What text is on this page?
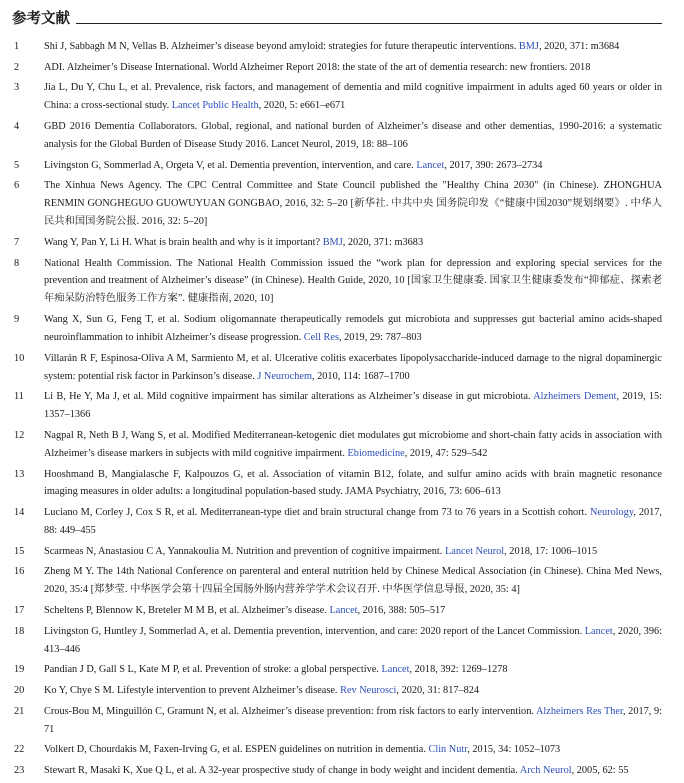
参考文献
1	Shi J, Sabbagh M N, Vellas B. Alzheimer’s disease beyond amyloid: strategies for future therapeutic interventions. BMJ, 2020, 371: m3684
2	ADI. Alzheimer’s Disease International. World Alzheimer Report 2018: the state of the art of dementia research: new frontiers. 2018
3	Jia L, Du Y, Chu L, et al. Prevalence, risk factors, and management of dementia and mild cognitive impairment in adults aged 60 years or older in China: a cross-sectional study. Lancet Public Health, 2020, 5: e661–e671
4	GBD 2016 Dementia Collaborators. Global, regional, and national burden of Alzheimer’s disease and other dementias, 1990-2016: a systematic analysis for the Global Burden of Disease Study 2016. Lancet Neurol, 2019, 18: 88–106
5	Livingston G, Sommerlad A, Orgeta V, et al. Dementia prevention, intervention, and care. Lancet, 2017, 390: 2673–2734
6	The Xinhua News Agency. The CPC Central Committee and State Council published the "Healthy China 2030" (in Chinese). ZHONGHUA RENMIN GONGHEGUO GUOWUYUAN GONGBAO, 2016, 32: 5–20 [新华社. 中共中央 国务院印发《“健康中国2030”规划纲要》. 中华人民共和国国务院公报. 2016, 32: 5–20]
7	Wang Y, Pan Y, Li H. What is brain health and why is it important? BMJ, 2020, 371: m3683
8	National Health Commission. The National Health Commission issued the “work plan for depression and exploring special services for the prevention and treatment of Alzheimer’s disease” (in Chinese). Health Guide, 2020, 10 [国家卫生健康委. 国家卫生健康委发布“抑郁症、探索老年痴呆防治特色服务工作方案”. 健康指南, 2020, 10]
9	Wang X, Sun G, Feng T, et al. Sodium oligomannate therapeutically remodels gut microbiota and suppresses gut bacterial amino acids-shaped neuroinflammation to inhibit Alzheimer’s disease progression. Cell Res, 2019, 29: 787–803
10	Villarán R F, Espinosa-Oliva A M, Sarmiento M, et al. Ulcerative colitis exacerbates lipopolysaccharide-induced damage to the nigral dopaminergic system: potential risk factor in Parkinson’s disease. J Neurochem, 2010, 114: 1687–1700
11	Li B, He Y, Ma J, et al. Mild cognitive impairment has similar alterations as Alzheimer’s disease in gut microbiota. Alzheimers Dement, 2019, 15: 1357–1366
12	Nagpal R, Neth B J, Wang S, et al. Modified Mediterranean-ketogenic diet modulates gut microbiome and short-chain fatty acids in association with Alzheimer’s disease markers in subjects with mild cognitive impairment. Ebiomedicine, 2019, 47: 529–542
13	Hooshmand B, Mangialasche F, Kalpouzos G, et al. Association of vitamin B12, folate, and sulfur amino acids with brain magnetic resonance imaging measures in older adults: a longitudinal population-based study. JAMA Psychiatry, 2016, 73: 606–613
14	Luciano M, Corley J, Cox S R, et al. Mediterranean-type diet and brain structural change from 73 to 76 years in a Scottish cohort. Neurology, 2017, 88: 449–455
15	Scarmeas N, Anastasiou C A, Yannakoulia M. Nutrition and prevention of cognitive impairment. Lancet Neurol, 2018, 17: 1006–1015
16	Zheng M Y. The 14th National Conference on parenteral and enteral nutrition held by Chinese Medical Association (in Chinese). China Med News, 2020, 35:4 [郑梦莹. 中华医学会第十四届全国肠外肠内营养学学术会议召开. 中华医学信息导报, 2020, 35: 4]
17	Scheltens P, Blennow K, Breteler M M B, et al. Alzheimer’s disease. Lancet, 2016, 388: 505–517
18	Livingston G, Huntley J, Sommerlad A, et al. Dementia prevention, intervention, and care: 2020 report of the Lancet Commission. Lancet, 2020, 396: 413–446
19	Pandian J D, Gall S L, Kate M P, et al. Prevention of stroke: a global perspective. Lancet, 2018, 392: 1269–1278
20	Ko Y, Chye S M. Lifestyle intervention to prevent Alzheimer’s disease. Rev Neurosci, 2020, 31: 817–824
21	Crous-Bou M, Minguillón C, Gramunt N, et al. Alzheimer’s disease prevention: from risk factors to early intervention. Alzheimers Res Ther, 2017, 9: 71
22	Volkert D, Chourdakis M, Faxen-Irving G, et al. ESPEN guidelines on nutrition in dementia. Clin Nutr, 2015, 34: 1052–1073
23	Stewart R, Masaki K, Xue Q L, et al. A 32-year prospective study of change in body weight and incident dementia. Arch Neurol, 2005, 62: 55
